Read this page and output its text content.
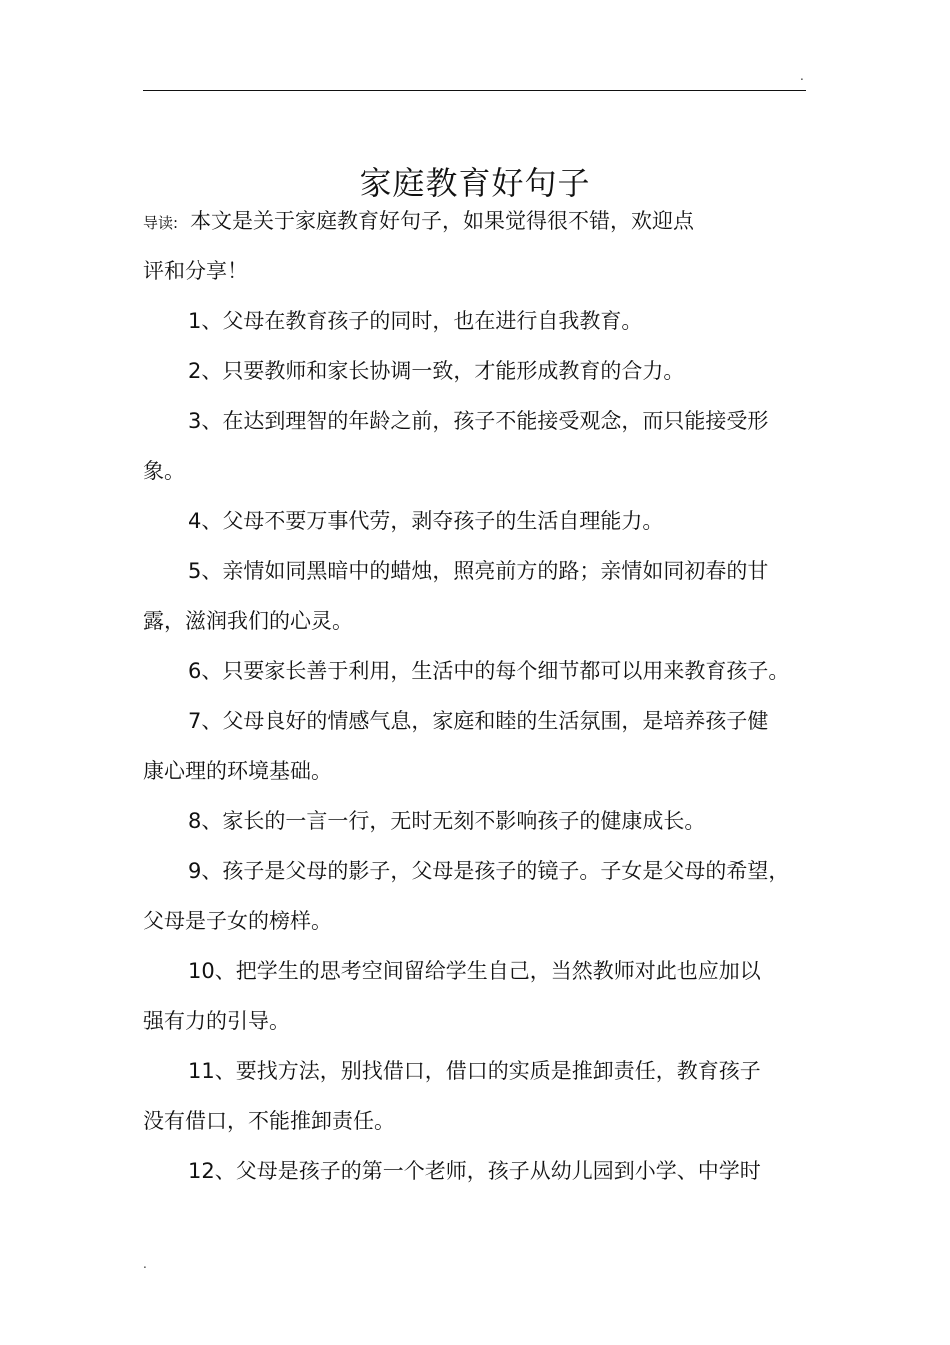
.
家庭教育好句子
导读: 本文是关于家庭教育好句子，如果觉得很不错，欢迎点
评和分享！
1、父母在教育孩子的同时，也在进行自我教育。
2、只要教师和家长协调一致，才能形成教育的合力。
3、在达到理智的年龄之前，孩子不能接受观念，而只能接受形
象。
4、父母不要万事代劳，剥夺孩子的生活自理能力。
5、亲情如同黑暗中的蜡烛，照亮前方的路；亲情如同初春的甘
露，滋润我们的心灵。
6、只要家长善于利用，生活中的每个细节都可以用来教育孩子。
7、父母良好的情感气息，家庭和睦的生活氛围，是培养孩子健
康心理的环境基础。
8、家长的一言一行，无时无刻不影响孩子的健康成长。
9、孩子是父母的影子，父母是孩子的镜子。子女是父母的希望，
父母是子女的榜样。
10、把学生的思考空间留给学生自己，当然教师对此也应加以
强有力的引导。
11、要找方法，别找借口，借口的实质是推卸责任，教育孩子
没有借口，不能推卸责任。
12、父母是孩子的第一个老师，孩子从幼儿园到小学、中学时
.
